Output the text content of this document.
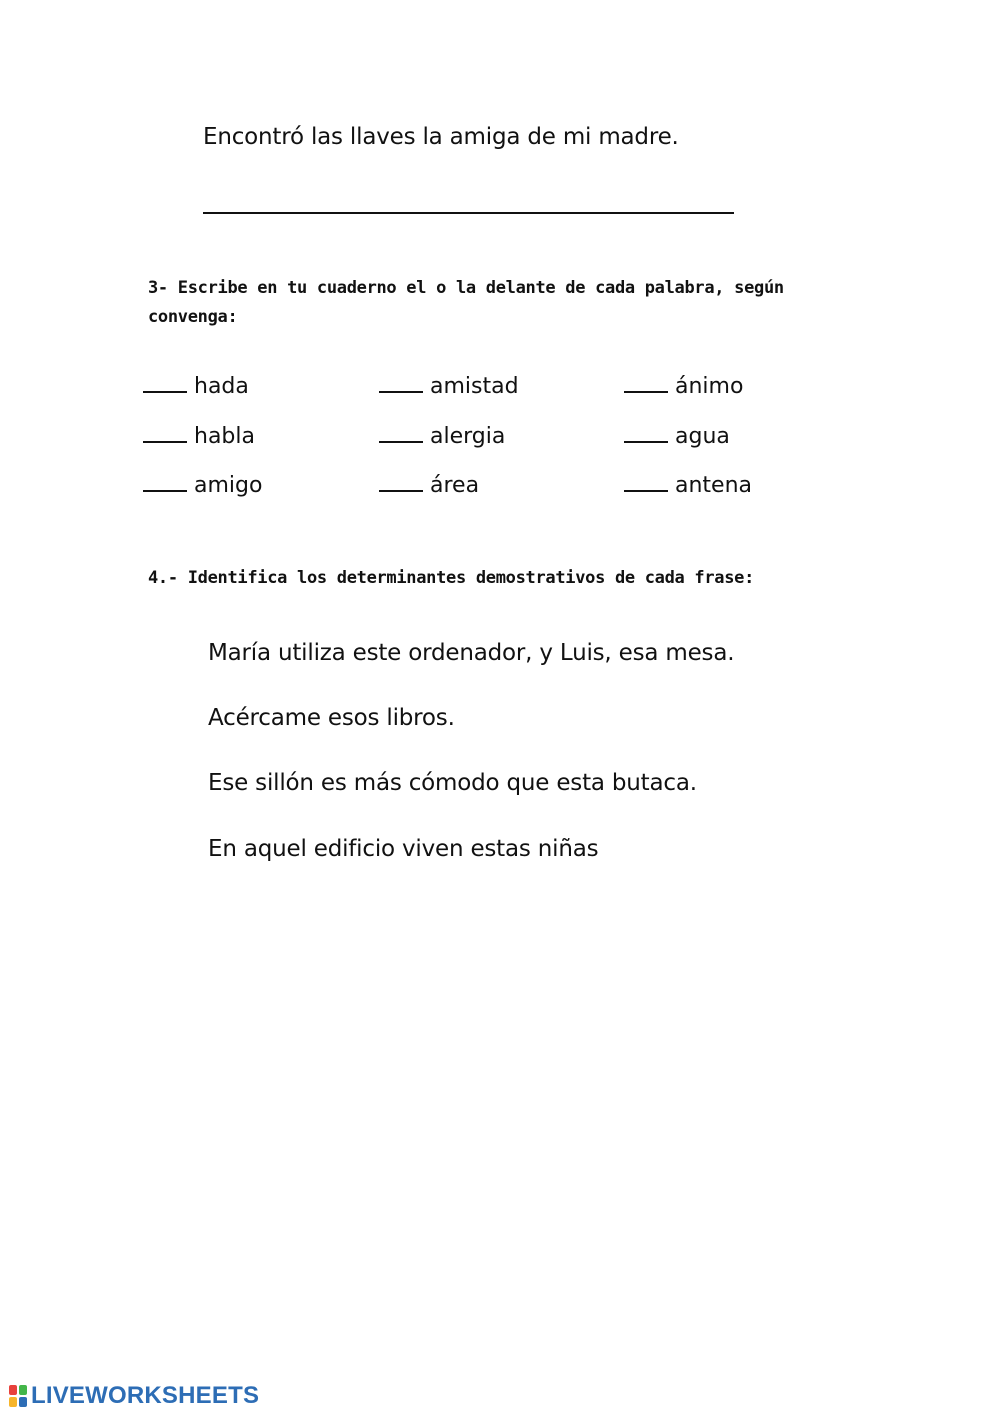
Encontró las llaves la amiga de mi madre.
3- Escribe en tu cuaderno el o la delante de cada palabra, según
convenga:
hada	amistad	ánimo
habla	alergia	agua
amigo	área	antena
4.- Identifica los determinantes demostrativos de cada frase:
María utiliza este ordenador, y Luis, esa mesa.
Acércame esos libros.
Ese sillón es más cómodo que esta butaca.
En aquel edificio viven estas niñas
LIVEWORKSHEETS
